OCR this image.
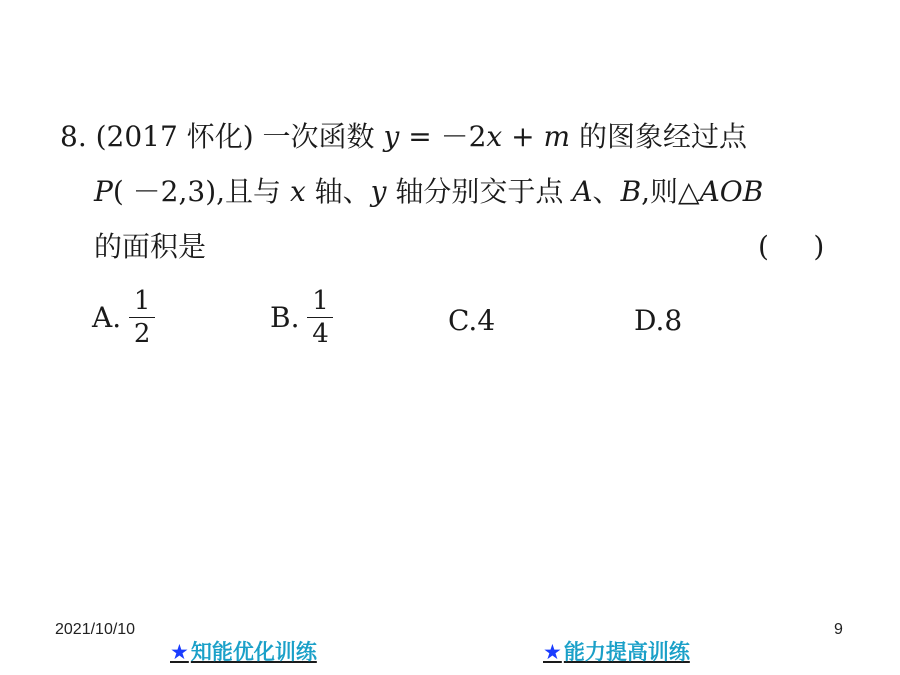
8. (2017 怀化) 一次函数 y = －2x + m 的图象经过点
P( －2,3),且与 x 轴、y 轴分别交于点 A、B,则△AOB
的面积是	(     )
A. $\frac{1}{2}$	B. $\frac{1}{4}$	C. 4	D. 8
2021/10/10	9
★知能优化训练	★能力提高训练
